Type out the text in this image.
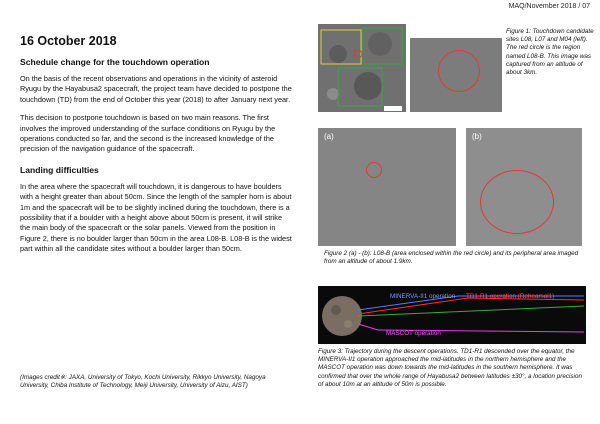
MAQ/November 2018 / 07
16 October 2018
Schedule change for the touchdown operation
On the basis of the recent observations and operations in the vicinity of asteroid Ryugu by the Hayabusa2 spacecraft, the project team have decided to postpone the touchdown (TD) from the end of October this year (2018) to after January next year.
This decision to postpone touchdown is based on two main reasons. The first involves the improved understanding of the surface conditions on Ryugu by the operations conducted so far, and the second is the increased knowledge of the precision of the navigation guidance of the spacecraft.
Landing difficulties
In the area where the spacecraft will touchdown, it is dangerous to have boulders with a height greater than about 50cm. Since the length of the sampler horn is about 1m and the spacecraft will be to be slightly inclined during the touchdown, there is a possibility that if a boulder with a height above about 50cm is present, it will strike the main body of the spacecraft or the solar panels. Viewed from the position in Figure 2, there is no boulder larger than 50cm in the area L08-B. L08-B is the widest part within all the candidate sites without a boulder larger than 50cm.
(Images credit※: JAXA, University of Tokyo, Kochi University, Rikkyo University, Nagoya University, Chiba Institute of Technology, Meiji University, University of Aizu, AIST)
Figure 1: Touchdown candidate sites L08, L07 and M04 (left). The red circle is the region named L08-B. This image was captured from an altitude of about 3km.
(a)	(b)
Figure 2 (a) - (b): L08-B (area enclosed within the red circle) and its peripheral area imaged from an altitude of about 1.9km.
MINERVA-II1 operation TD1-R1 operation (Rehearsal1)
MASCOT operation
Figure 3: Trajectory during the descent operations. TD1-R1 descended over the equator, the MINERVA-II1 operation approached the mid-latitudes in the northern hemisphere and the MASCOT operation was down towards the mid-latitudes in the southern hemisphere. It was confirmed that over the whole range of Hayabusa2 between latitudes ±30°, a location precision of about 10m at an altitude of 50m is possible.
